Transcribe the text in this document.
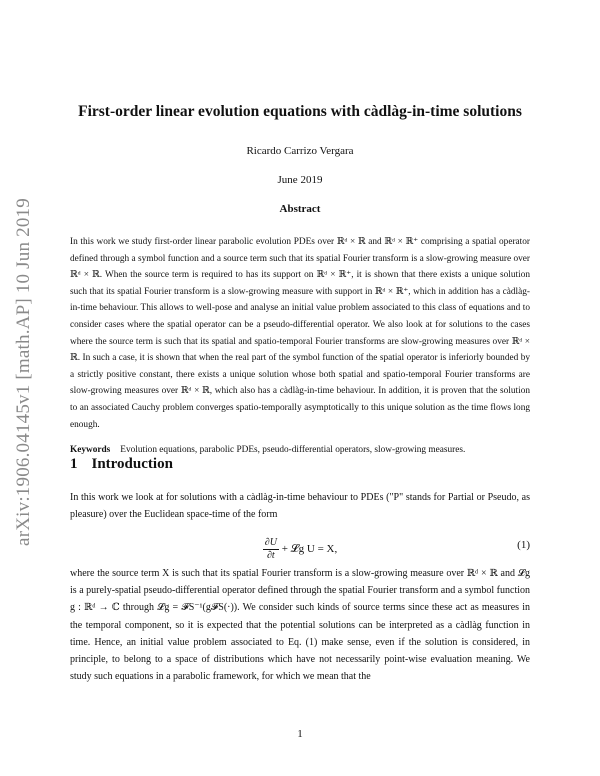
arXiv:1906.04145v1 [math.AP] 10 Jun 2019
First-order linear evolution equations with càdlàg-in-time solutions
Ricardo Carrizo Vergara
June 2019
Abstract
In this work we study first-order linear parabolic evolution PDEs over ℝᵈ × ℝ and ℝᵈ × ℝ⁺ comprising a spatial operator defined through a symbol function and a source term such that its spatial Fourier transform is a slow-growing measure over ℝᵈ × ℝ. When the source term is required to has its support on ℝᵈ × ℝ⁺, it is shown that there exists a unique solution such that its spatial Fourier transform is a slow-growing measure with support in ℝᵈ × ℝ⁺, which in addition has a càdlàg-in-time behaviour. This allows to well-pose and analyse an initial value problem associated to this class of equations and to consider cases where the spatial operator can be a pseudo-differential operator. We also look at for solutions to the cases where the source term is such that its spatial and spatio-temporal Fourier transforms are slow-growing measures over ℝᵈ × ℝ. In such a case, it is shown that when the real part of the symbol function of the spatial operator is inferiorly bounded by a strictly positive constant, there exists a unique solution whose both spatial and spatio-temporal Fourier transforms are slow-growing measures over ℝᵈ × ℝ, which also has a càdlàg-in-time behaviour. In addition, it is proven that the solution to an associated Cauchy problem converges spatio-temporally asymptotically to this unique solution as the time flows long enough.
Keywords Evolution equations, parabolic PDEs, pseudo-differential operators, slow-growing measures.
1 Introduction
In this work we look at for solutions with a càdlàg-in-time behaviour to PDEs ("P" stands for Partial or Pseudo, as pleasure) over the Euclidean space-time of the form
$\frac{\partial U}{\partial t}$ + 𝓛g U = X,	(1)
where the source term X is such that its spatial Fourier transform is a slow-growing measure over ℝᵈ × ℝ and 𝓛g is a purely-spatial pseudo-differential operator defined through the spatial Fourier transform and a symbol function g : ℝᵈ → ℂ through 𝓛g = 𝓕S⁻¹(g𝓕S(·)). We consider such kinds of source terms since these act as measures in the temporal component, so it is expected that the potential solutions can be interpreted as a càdlàg function in time. Hence, an initial value problem associated to Eq. (1) make sense, even if the solution is considered, in principle, to belong to a space of distributions which have not necessarily point-wise evaluation meaning. We study such equations in a parabolic framework, for which we mean that the
1
